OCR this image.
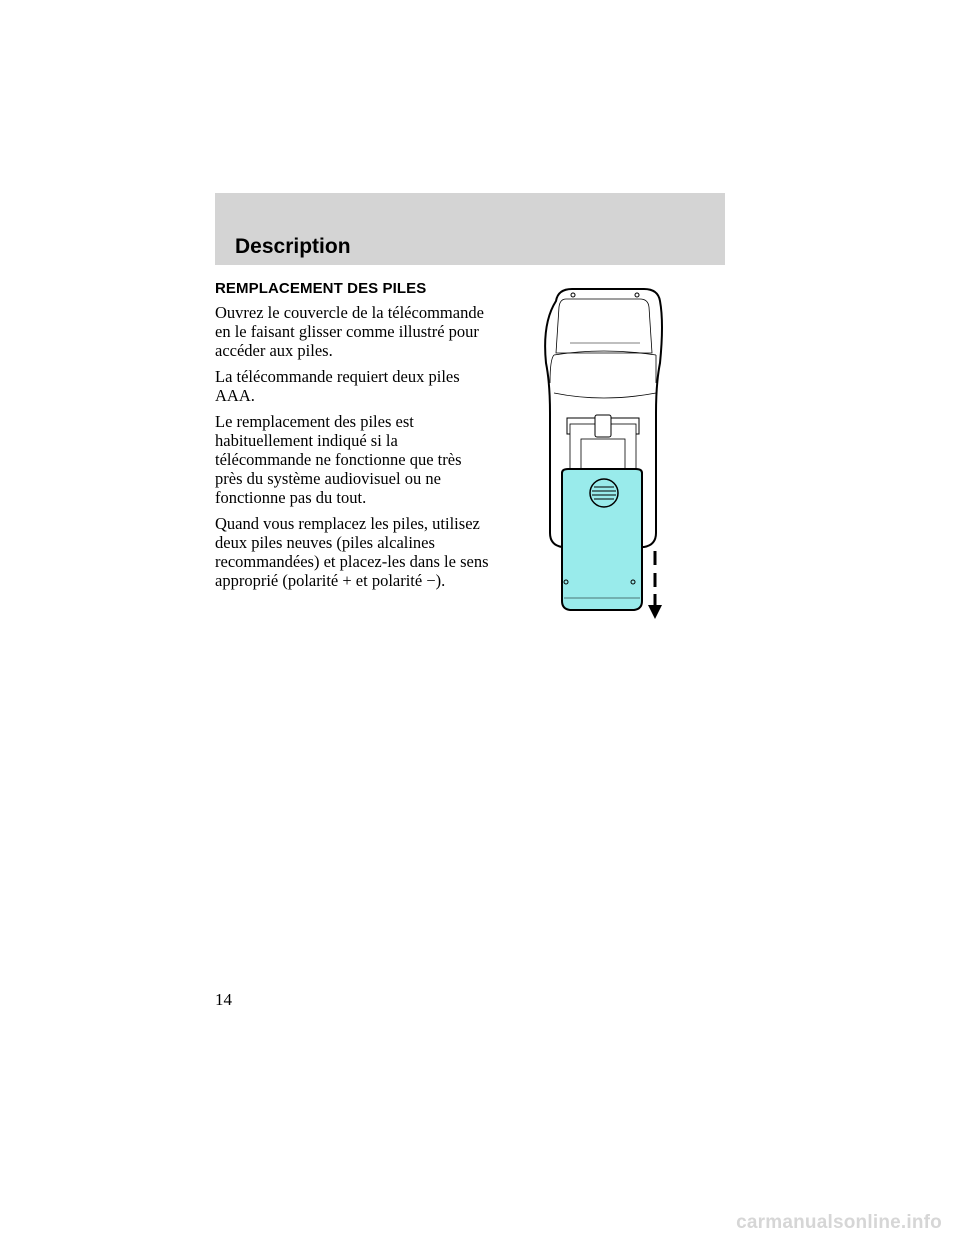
Description
REMPLACEMENT DES PILES

Ouvrez le couvercle de la télécommande en le faisant glisser comme illustré pour accéder aux piles.

La télécommande requiert deux piles AAA.

Le remplacement des piles est habituellement indiqué si la télécommande ne fonctionne que très près du système audiovisuel ou ne fonctionne pas du tout.

Quand vous remplacez les piles, utilisez deux piles neuves (piles alcalines recommandées) et placez-les dans le sens approprié (polarité + et polarité −).

14
carmanualsonline.info
